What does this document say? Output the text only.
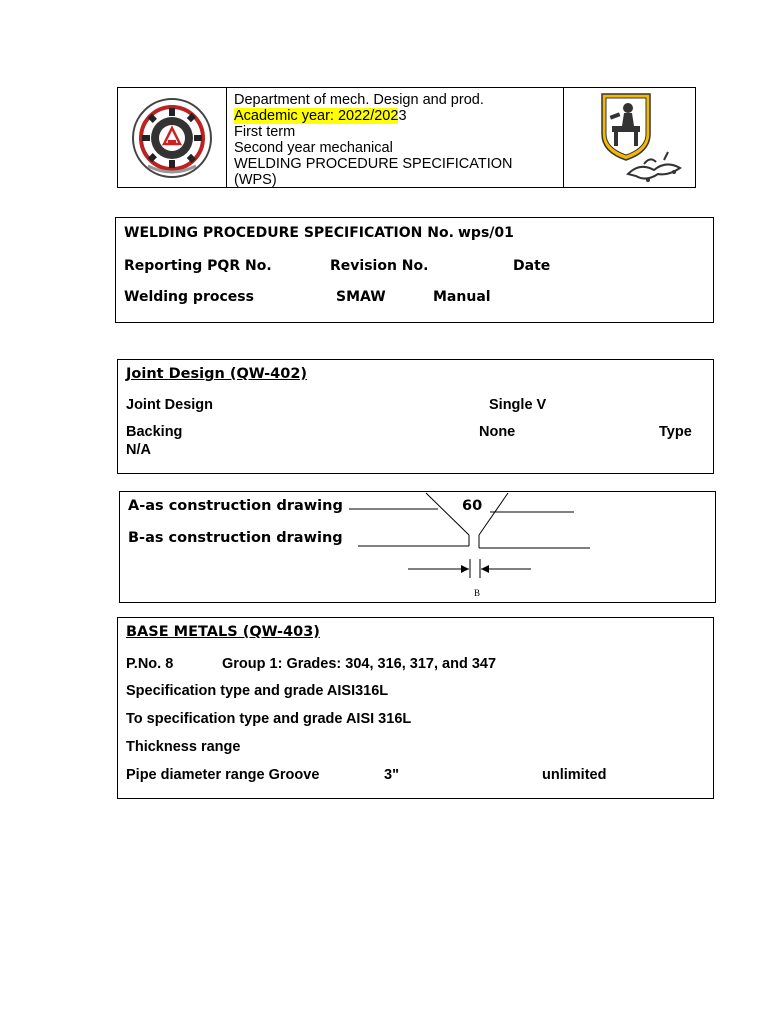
Department of mech. Design and prod.
Academic year: 2022/2023
First term
Second year mechanical
WELDING PROCEDURE SPECIFICATION
(WPS)
WELDING PROCEDURE SPECIFICATION No. wps/01
Reporting PQR No.	Revision No.	Date
Welding process	SMAW	Manual
Joint Design (QW-402)
Joint Design	Single V
Backing	None	Type
N/A
A-as construction drawing
B-as construction drawing
60
B
BASE METALS (QW-403)
P.No. 8	Group 1: Grades: 304, 316, 317, and 347
Specification type and grade AISI316L
To specification type and grade AISI 316L
Thickness range
Pipe diameter range Groove	3"	unlimited
